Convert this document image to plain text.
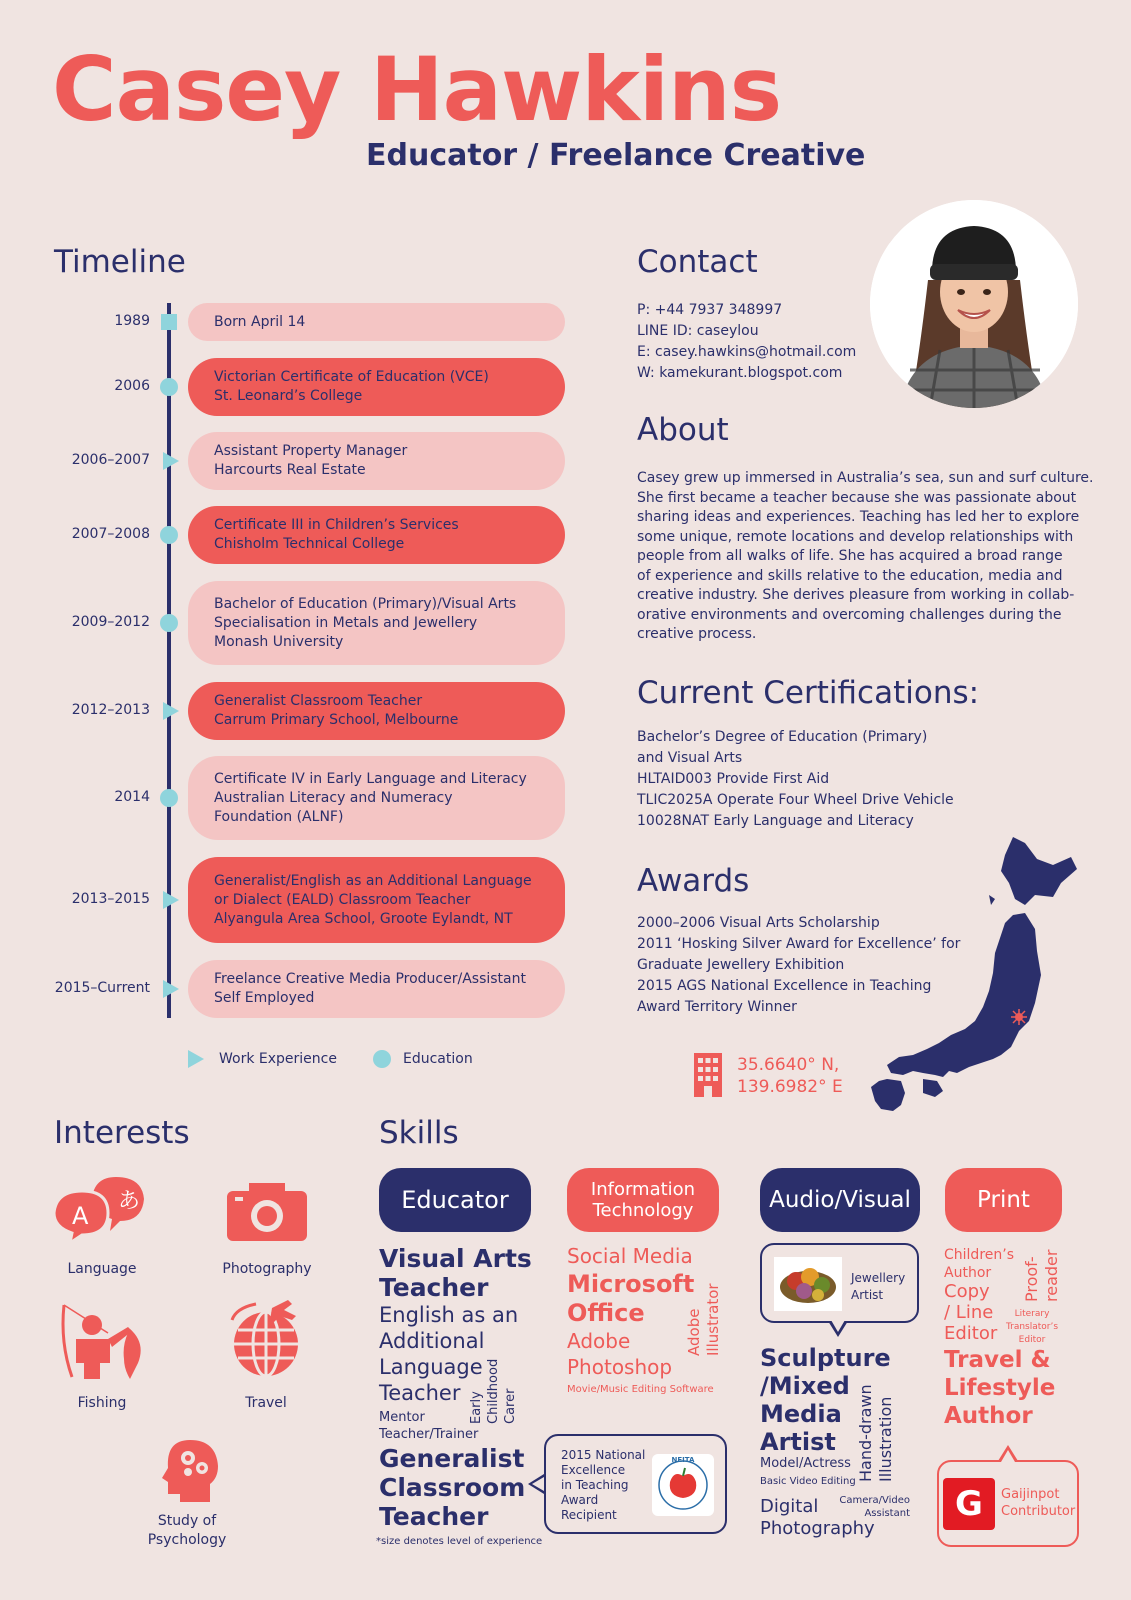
Casey Hawkins
Educator / Freelance Creative
Timeline
1989	Born April 14
2006
Victorian Certificate of Education (VCE)
St. Leonard’s College
2006–2007
Assistant Property Manager
Harcourts Real Estate
2007–2008
Certificate III in Children’s Services
Chisholm Technical College
2009–2012
Bachelor of Education (Primary)/Visual Arts
Specialisation in Metals and Jewellery
Monash University
2012–2013
Generalist Classroom Teacher
Carrum Primary School, Melbourne
2014
Certificate IV in Early Language and Literacy
Australian Literacy and Numeracy
Foundation (ALNF)
2013–2015
Generalist/English as an Additional Language
or Dialect (EALD) Classroom Teacher
Alyangula Area School, Groote Eylandt, NT
2015–Current
Freelance Creative Media Producer/Assistant
Self Employed
Work Experience	Education
Contact
P: +44 7937 348997
LINE ID: caseylou
E: casey.hawkins@hotmail.com
W: kamekurant.blogspot.com
About
Casey grew up immersed in Australia’s sea, sun and surf culture.
She first became a teacher because she was passionate about
sharing ideas and experiences. Teaching has led her to explore
some unique, remote locations and develop relationships with
people from all walks of life. She has acquired a broad range
of experience and skills relative to the education, media and
creative industry. She derives pleasure from working in collab-
orative environments and overcoming challenges during the
creative process.
Current Certifications:
Bachelor’s Degree of Education (Primary)
and Visual Arts
HLTAID003 Provide First Aid
TLIC2025A Operate Four Wheel Drive Vehicle
10028NAT Early Language and Literacy
Awards
2000–2006 Visual Arts Scholarship
2011 ‘Hosking Silver Award for Excellence’ for
Graduate Jewellery Exhibition
2015 AGS National Excellence in Teaching
Award Territory Winner
35.6640° N,
139.6982° E
Interests
A
あ
Language	Photography
Fishing	Travel
Study of
Psychology
Skills
Educator
Visual Arts
Teacher
English as an
Additional
Language
Teacher
Mentor
Teacher/Trainer
Early Childhood Carer
Generalist
Classroom
Teacher
*size denotes level of experience
Information
Technology
Social Media
Microsoft
Office
Adobe
Photoshop
Adobe Illustrator
Movie/Music Editing Software
2015 National
Excellence
in Teaching
Award
Recipient
NEITA
Audio/Visual
Jewellery
Artist
Sculpture
/Mixed
Media
Artist
Model/Actress
Basic Video Editing Hand-drawn Illustration
Digital
Photography
Camera/Video
Assistant
Print
Children’s
Author
Copy
/ Line
Editor
Proof- reader
Literary
Translator’s
Editor
Travel &
Lifestyle
Author
G	Gaijinpot
Contributor
